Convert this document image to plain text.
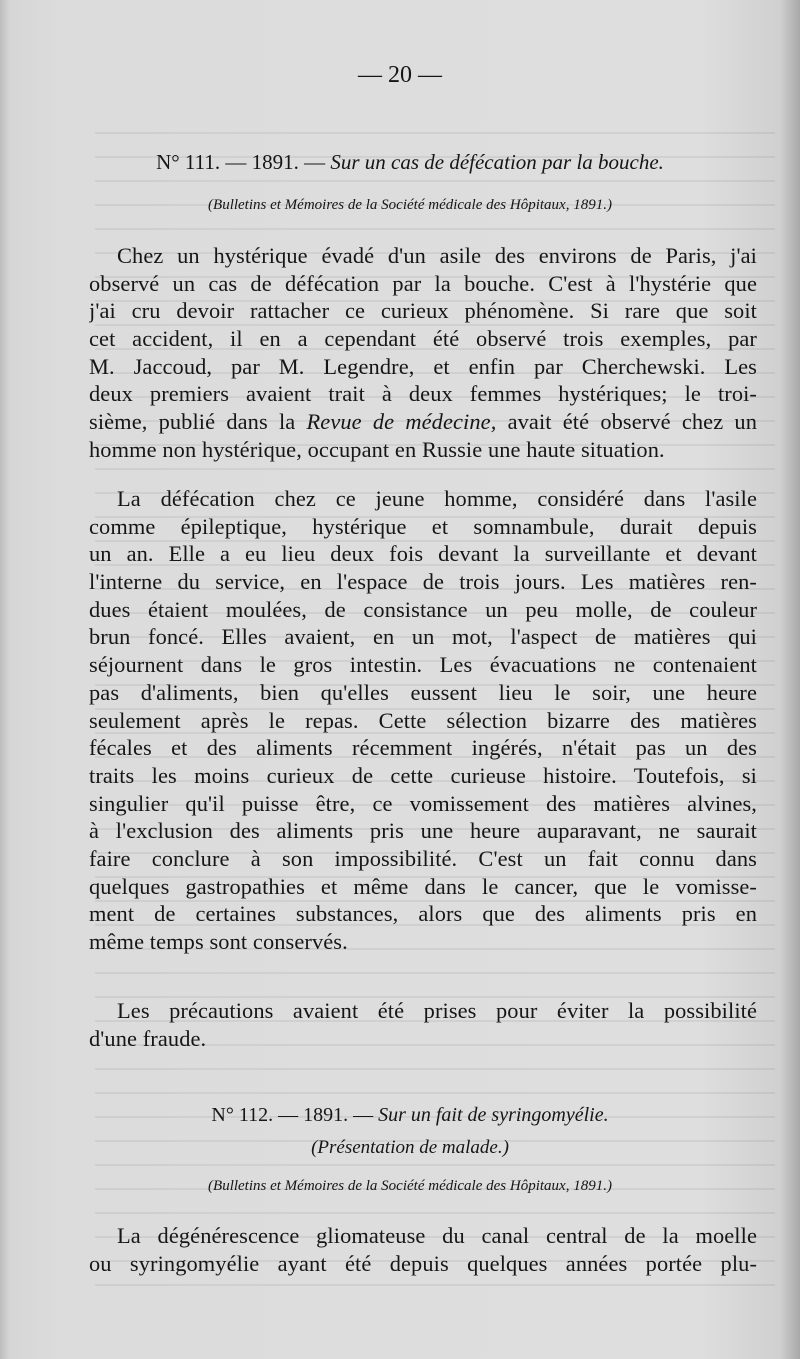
— 20 —
N° 111. — 1891. — Sur un cas de défécation par la bouche.
(Bulletins et Mémoires de la Société médicale des Hôpitaux, 1891.)
Chez un hystérique évadé d'un asile des environs de Paris, j'ai
observé un cas de défécation par la bouche. C'est à l'hystérie que
j'ai cru devoir rattacher ce curieux phénomène. Si rare que soit
cet accident, il en a cependant été observé trois exemples, par
M. Jaccoud, par M. Legendre, et enfin par Cherchewski. Les
deux premiers avaient trait à deux femmes hystériques; le troi-
sième, publié dans la Revue de médecine, avait été observé chez un
homme non hystérique, occupant en Russie une haute situation.
La défécation chez ce jeune homme, considéré dans l'asile
comme épileptique, hystérique et somnambule, durait depuis
un an. Elle a eu lieu deux fois devant la surveillante et devant
l'interne du service, en l'espace de trois jours. Les matières ren-
dues étaient moulées, de consistance un peu molle, de couleur
brun foncé. Elles avaient, en un mot, l'aspect de matières qui
séjournent dans le gros intestin. Les évacuations ne contenaient
pas d'aliments, bien qu'elles eussent lieu le soir, une heure
seulement après le repas. Cette sélection bizarre des matières
fécales et des aliments récemment ingérés, n'était pas un des
traits les moins curieux de cette curieuse histoire. Toutefois, si
singulier qu'il puisse être, ce vomissement des matières alvines,
à l'exclusion des aliments pris une heure auparavant, ne saurait
faire conclure à son impossibilité. C'est un fait connu dans
quelques gastropathies et même dans le cancer, que le vomisse-
ment de certaines substances, alors que des aliments pris en
même temps sont conservés.
Les précautions avaient été prises pour éviter la possibilité
d'une fraude.
N° 112. — 1891. — Sur un fait de syringomyélie.
(Présentation de malade.)
(Bulletins et Mémoires de la Société médicale des Hôpitaux, 1891.)
La dégénérescence gliomateuse du canal central de la moelle
ou syringomyélie ayant été depuis quelques années portée plu-
